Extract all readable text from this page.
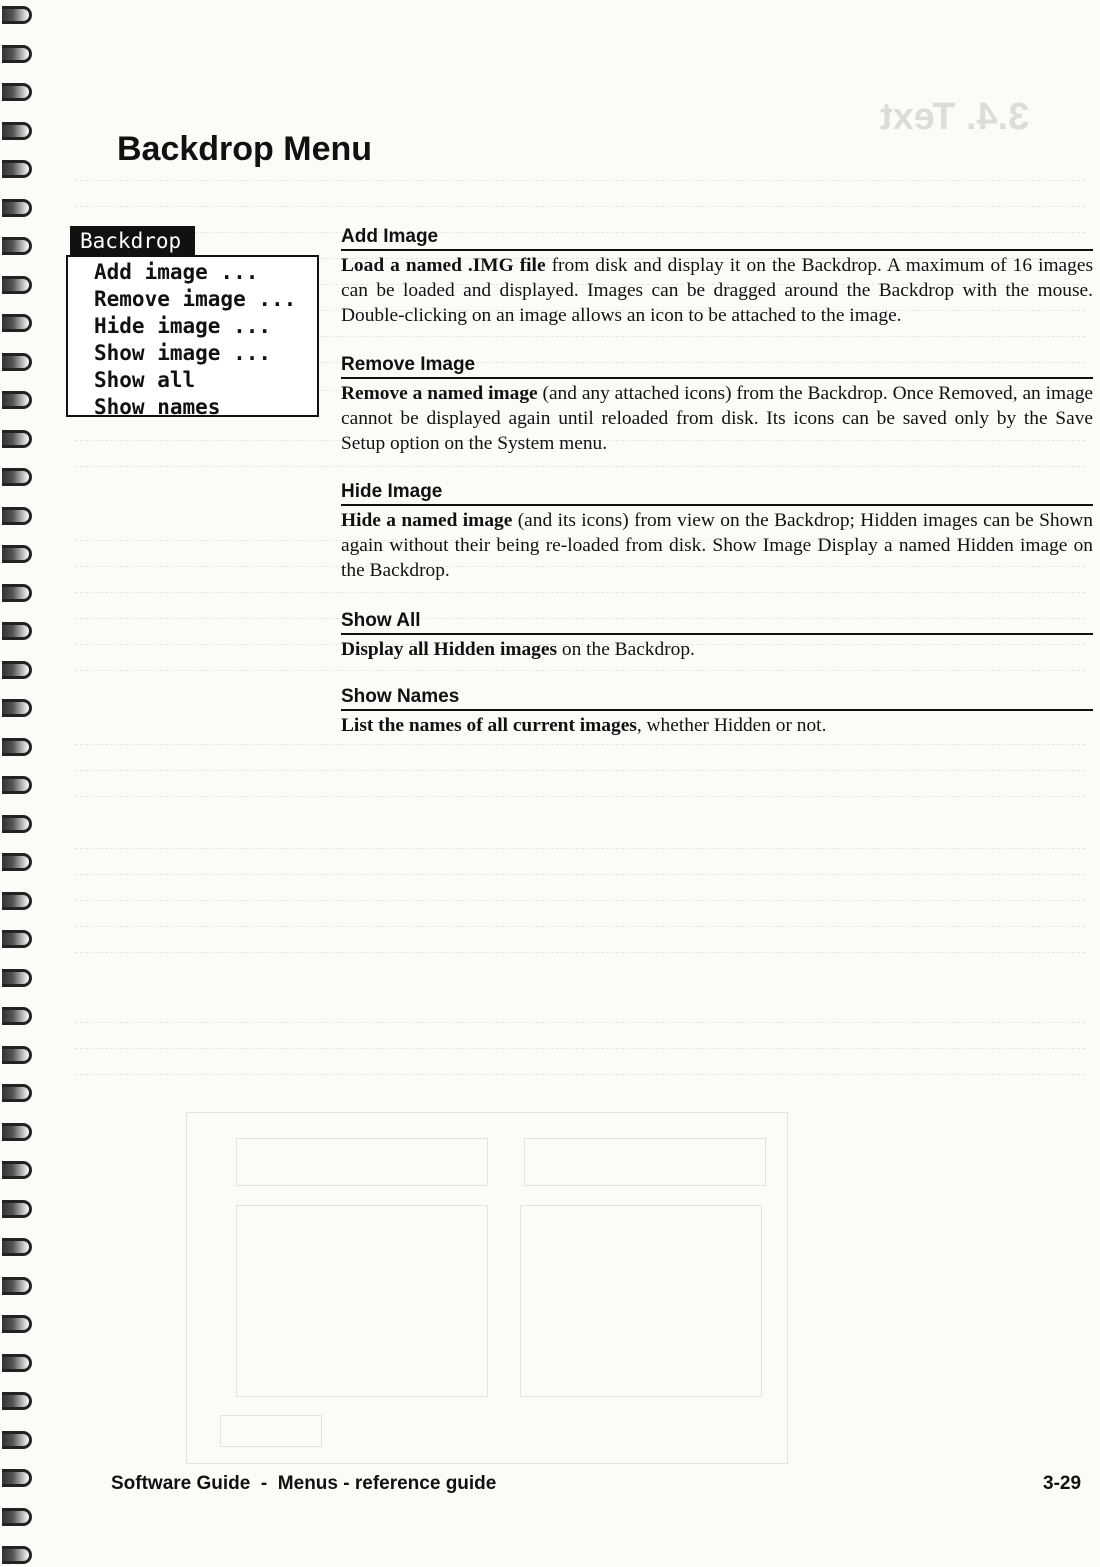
3.4. Text
Backdrop Menu
Backdrop
Add image ...
Remove image ...
Hide image ...
Show image ...
Show all
Show names
Add Image
Load a named .IMG file from disk and display it on the Backdrop. A maximum of 16 images can be loaded and displayed. Images can be dragged around the Backdrop with the mouse. Double-clicking on an image allows an icon to be attached to the image.
Remove Image
Remove a named image (and any attached icons) from the Backdrop. Once Removed, an image cannot be displayed again until reloaded from disk. Its icons can be saved only by the Save Setup option on the System menu.
Hide Image
Hide a named image (and its icons) from view on the Backdrop; Hidden images can be Shown again without their being re-loaded from disk. Show Image Display a named Hidden image on the Backdrop.
Show All
Display all Hidden images on the Backdrop.
Show Names
List the names of all current images, whether Hidden or not.
Software Guide  -  Menus - reference guide	3-29
